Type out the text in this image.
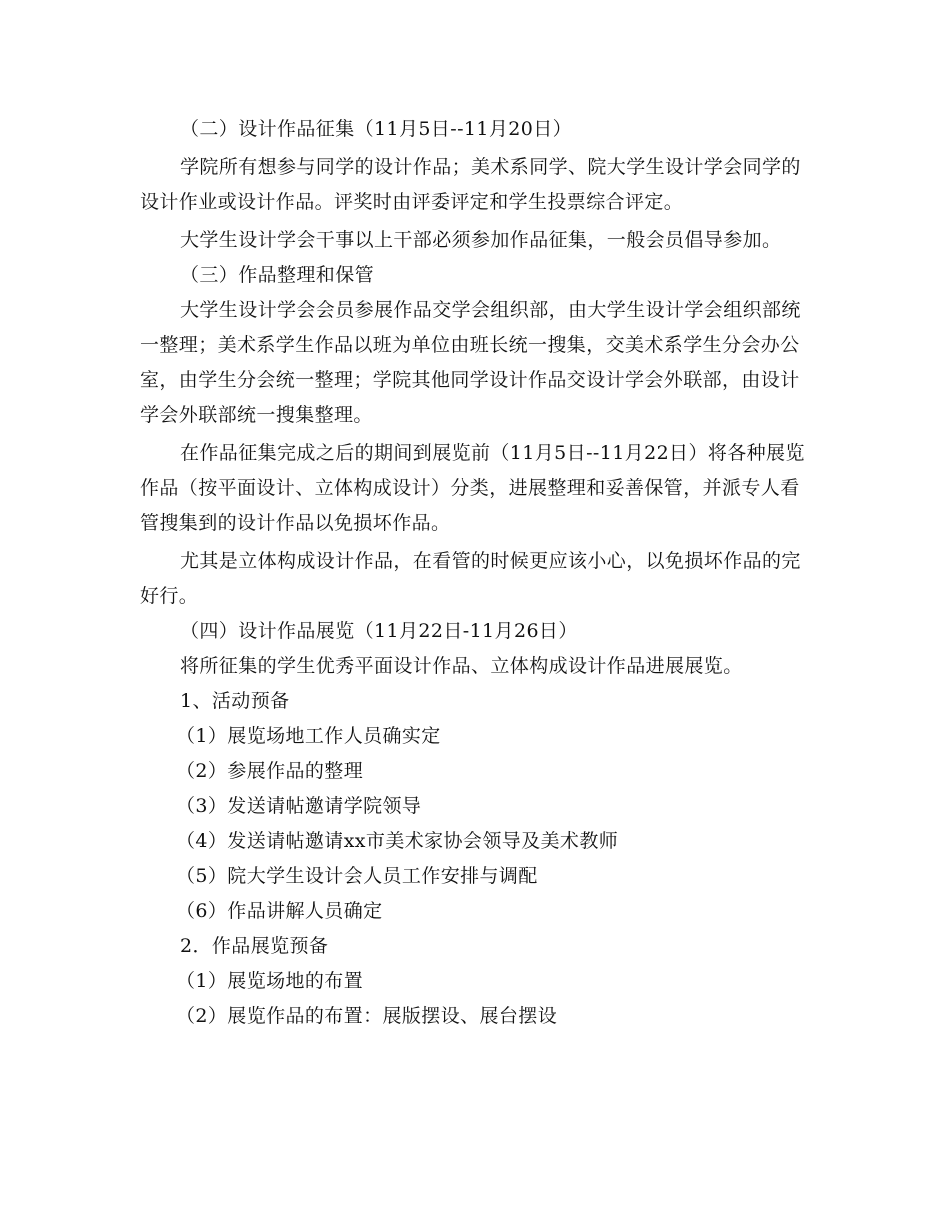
（二）设计作品征集（11月5日--11月20日）

学院所有想参与同学的设计作品；美术系同学、院大学生设计学会同学的设计作业或设计作品。评奖时由评委评定和学生投票综合评定。

大学生设计学会干事以上干部必须参加作品征集，一般会员倡导参加。

（三）作品整理和保管

大学生设计学会会员参展作品交学会组织部，由大学生设计学会组织部统一整理；美术系学生作品以班为单位由班长统一搜集，交美术系学生分会办公室，由学生分会统一整理；学院其他同学设计作品交设计学会外联部，由设计学会外联部统一搜集整理。

在作品征集完成之后的期间到展览前（11月5日--11月22日）将各种展览作品（按平面设计、立体构成设计）分类，进展整理和妥善保管，并派专人看管搜集到的设计作品以免损坏作品。

尤其是立体构成设计作品，在看管的时候更应该小心，以免损坏作品的完好行。

（四）设计作品展览（11月22日-11月26日）

将所征集的学生优秀平面设计作品、立体构成设计作品进展展览。

1、活动预备

（1）展览场地工作人员确实定

（2）参展作品的整理

（3）发送请帖邀请学院领导

（4）发送请帖邀请xx市美术家协会领导及美术教师

（5）院大学生设计会人员工作安排与调配

（6）作品讲解人员确定

2．作品展览预备

（1）展览场地的布置

（2）展览作品的布置：展版摆设、展台摆设
